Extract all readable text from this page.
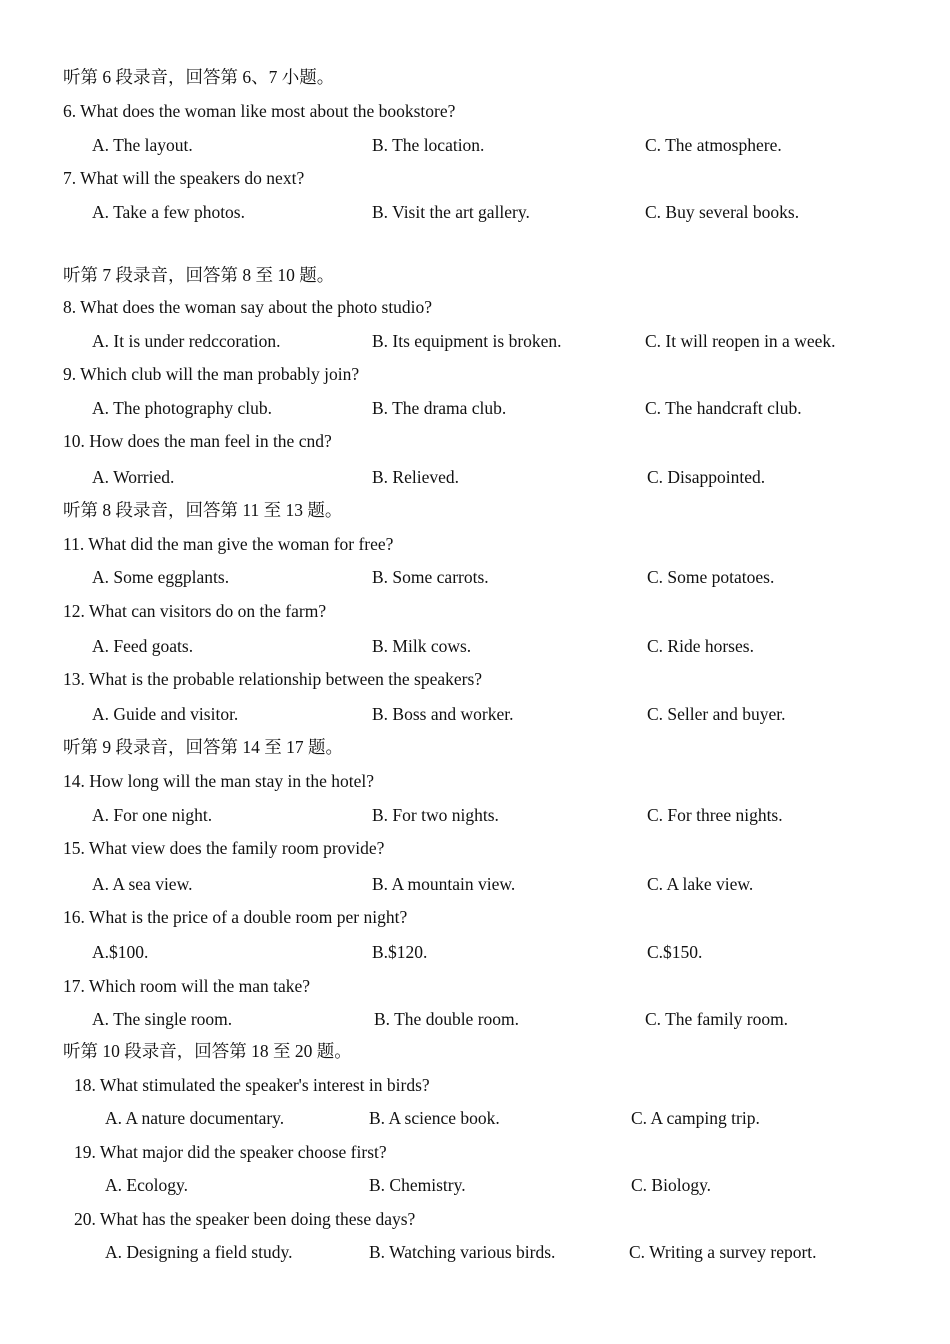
听第 6 段录音，回答第 6、7 小题。
6. What does the woman like most about the bookstore?
A. The layout.	B. The location.	C. The atmosphere.
7. What will the speakers do next?
A. Take a few photos.	B. Visit the art gallery.	C. Buy several books.
听第 7 段录音，回答第 8 至 10 题。
8. What does the woman say about the photo studio?
A. It is under redccoration.	B. Its equipment is broken.	C. It will reopen in a week.
9. Which club will the man probably join?
A. The photography club.	B. The drama club.	C. The handcraft club.
10. How does the man feel in the cnd?
A. Worried.	B. Relieved.	C. Disappointed.
听第 8 段录音，回答第 11 至 13 题。
11. What did the man give the woman for free?
A. Some eggplants.	B. Some carrots.	C. Some potatoes.
12. What can visitors do on the farm?
A. Feed goats.	B. Milk cows.	C. Ride horses.
13. What is the probable relationship between the speakers?
A. Guide and visitor.	B. Boss and worker.	C. Seller and buyer.
听第 9 段录音，回答第 14 至 17 题。
14. How long will the man stay in the hotel?
A. For one night.	B. For two nights.	C. For three nights.
15. What view does the family room provide?
A. A sea view.	B. A mountain view.	C. A lake view.
16. What is the price of a double room per night?
A.$100.	B.$120.	C.$150.
17. Which room will the man take?
A. The single room.	B. The double room.	C. The family room.
听第 10 段录音，回答第 18 至 20 题。
18. What stimulated the speaker's interest in birds?
A. A nature documentary.	B. A science book.	C. A camping trip.
19. What major did the speaker choose first?
A. Ecology.	B. Chemistry.	C. Biology.
20. What has the speaker been doing these days?
A. Designing a field study.	B. Watching various birds.	C. Writing a survey report.
